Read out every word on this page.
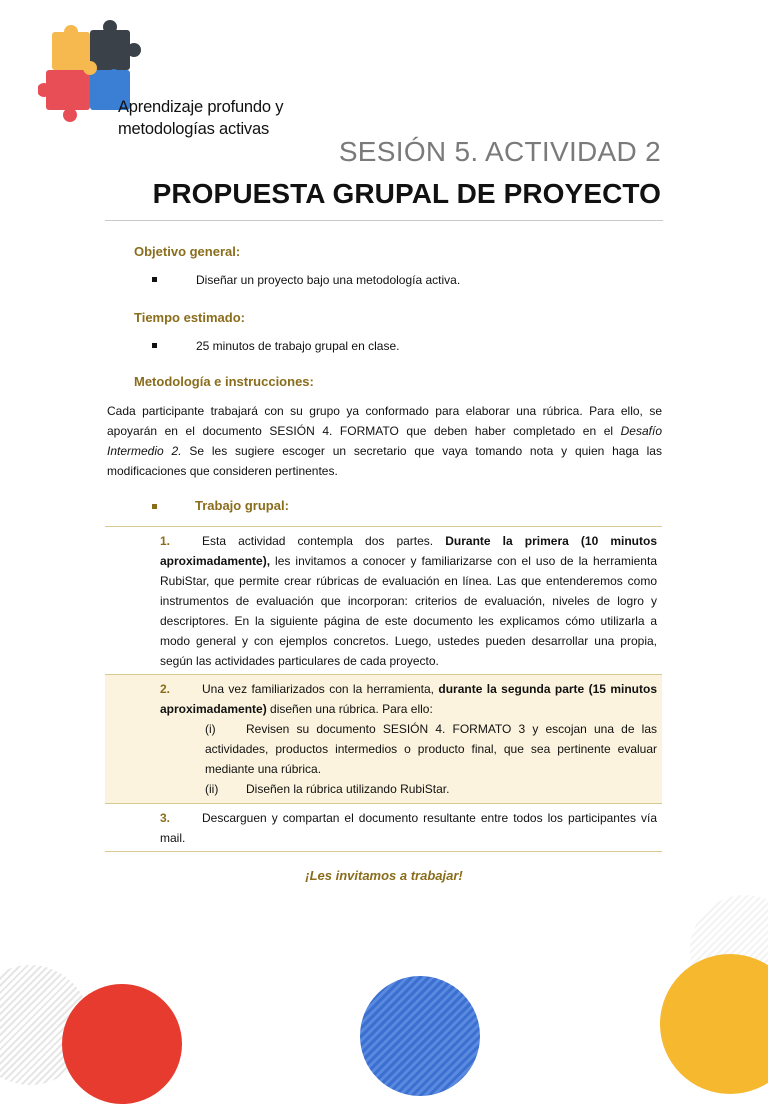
Aprendizaje profundo y
metodologías activas
SESIÓN 5. ACTIVIDAD 2
PROPUESTA GRUPAL DE PROYECTO
Objetivo general:
Diseñar un proyecto bajo una metodología activa.
Tiempo estimado:
25 minutos de trabajo grupal en clase.
Metodología e instrucciones:
Cada participante trabajará con su grupo ya conformado para elaborar una rúbrica. Para ello, se apoyarán en el documento SESIÓN 4. FORMATO que deben haber completado en el Desafío Intermedio 2. Se les sugiere escoger un secretario que vaya tomando nota y quien haga las modificaciones que consideren pertinentes.
Trabajo grupal:
1.	Esta actividad contempla dos partes. Durante la primera (10 minutos aproximadamente), les invitamos a conocer y familiarizarse con el uso de la herramienta RubiStar, que permite crear rúbricas de evaluación en línea. Las que entenderemos como instrumentos de evaluación que incorporan: criterios de evaluación, niveles de logro y descriptores. En la siguiente página de este documento les explicamos cómo utilizarla a modo general y con ejemplos concretos. Luego, ustedes pueden desarrollar una propia, según las actividades particulares de cada proyecto.
2.	Una vez familiarizados con la herramienta, durante la segunda parte (15 minutos aproximadamente) diseñen una rúbrica. Para ello:
(i)	Revisen su documento SESIÓN 4. FORMATO 3 y escojan una de las actividades, productos intermedios o producto final, que sea pertinente evaluar mediante una rúbrica.
(ii) Diseñen la rúbrica utilizando RubiStar.
3.	Descarguen y compartan el documento resultante entre todos los participantes vía mail.
¡Les invitamos a trabajar!
